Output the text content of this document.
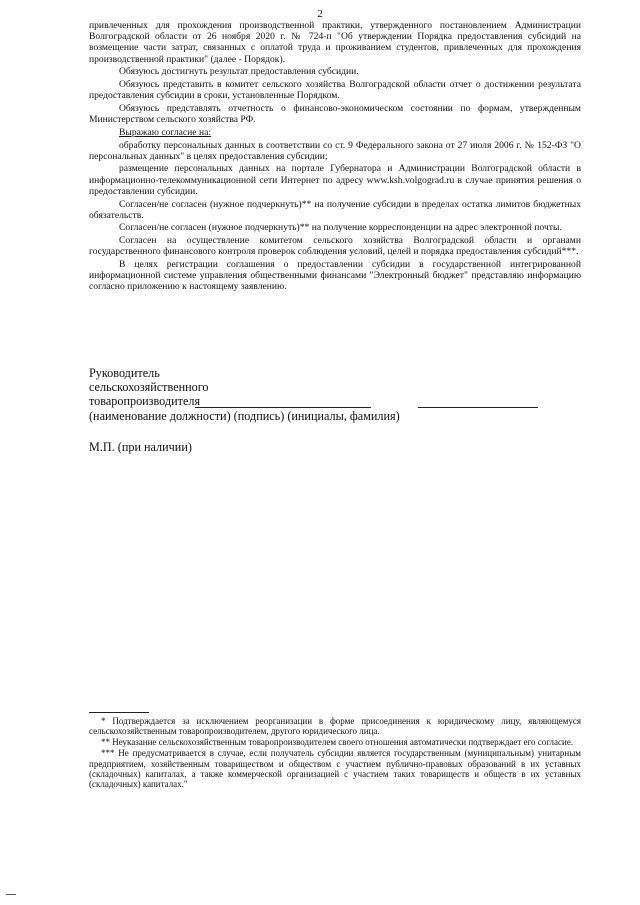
2

привлеченных для прохождения производственной практики, утвержденного постановлением Администрации Волгоградской области от 26 ноября 2020 г. № 724-п "Об утверждении Порядка предоставления субсидий на возмещение части затрат, связанных с оплатой труда и проживанием студентов, привлеченных для прохождения производственной практики" (далее - Порядок).

Обязуюсь достигнуть результат предоставления субсидии.

Обязуюсь представить в комитет сельского хозяйства Волгоградской области отчет о достижении результата предоставления субсидии в сроки, установленные Порядком.

Обязуюсь представлять отчетность о финансово-экономическом состоянии по формам, утвержденным Министерством сельского хозяйства РФ.

Выражаю согласие на:

обработку персональных данных в соответствии со ст. 9 Федерального закона от 27 июля 2006 г. № 152-ФЗ "О персональных данных" в целях предоставления субсидии;

размещение персональных данных на портале Губернатора и Администрации Волгоградской области в информационно-телекоммуникационной сети Интернет по адресу www.ksh.volgograd.ru в случае принятия решения о предоставлении субсидии.

Согласен/не согласен (нужное подчеркнуть)** на получение субсидии в пределах остатка лимитов бюджетных обязательств.

Согласен/не согласен (нужное подчеркнуть)** на получение корреспонденции на адрес электронной почты.

Согласен на осуществление комитетом сельского хозяйства Волгоградской области и органами государственного финансового контроля проверок соблюдения условий, целей и порядка предоставления субсидий***.

В целях регистрации соглашения о предоставлении субсидии в государственной интегрированной информационной системе управления общественными финансами "Электронный бюджет" представляю информацию согласно приложению к настоящему заявлению.

Руководитель
сельскохозяйственного
товаропроизводителя
(наименование должности) (подпись) (инициалы, фамилия)
М.П. (при наличии)

* Подтверждается за исключением реорганизации в форме присоединения к юридическому лицу, являющемуся сельскохозяйственным товаропроизводителем, другого юридического лица.

** Неуказание сельскохозяйственным товаропроизводителем своего отношения автоматически подтверждает его согласие.

*** Не предусматривается в случае, если получатель субсидии является государственным (муниципальным) унитарным предприятием, хозяйственным товариществом и обществом с участием публично-правовых образований в их уставных (складочных) капиталах, а также коммерческой организацией с участием таких товариществ и обществ в их уставных (складочных) капиталах."
